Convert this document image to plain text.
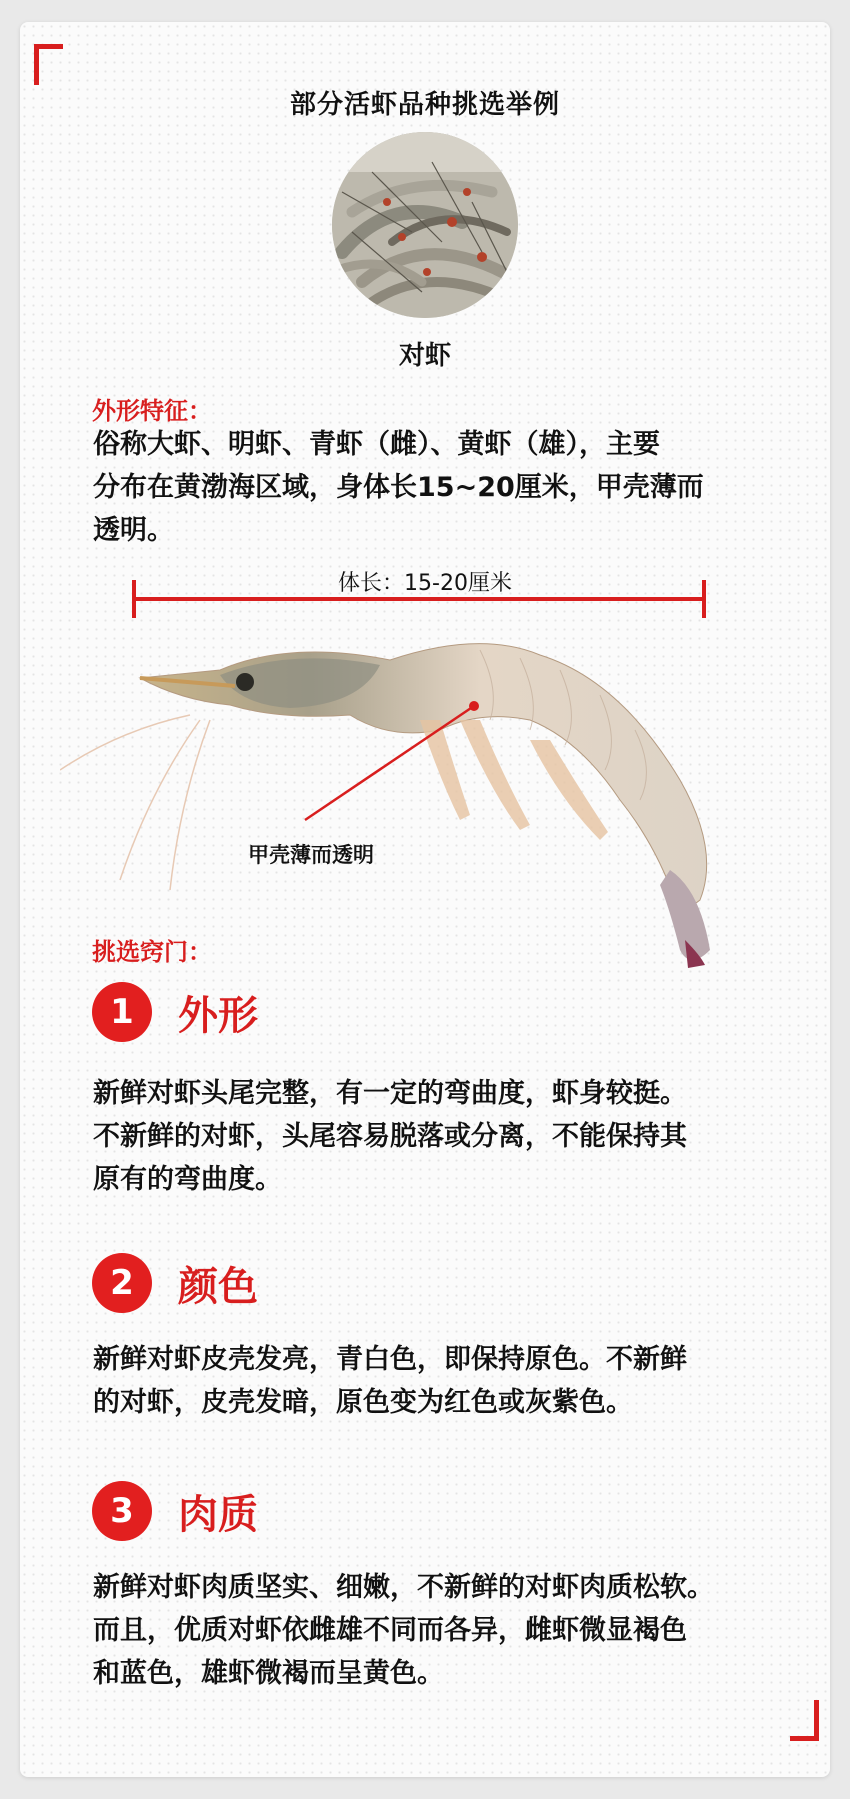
部分活虾品种挑选举例
对虾
外形特征：
俗称大虾、明虾、青虾（雌）、黄虾（雄），主要
分布在黄渤海区域，身体长15~20厘米，甲壳薄而
透明。
体长：15-20厘米
甲壳薄而透明
挑选窍门：
1	外形
新鲜对虾头尾完整，有一定的弯曲度，虾身较挺。
不新鲜的对虾，头尾容易脱落或分离，不能保持其
原有的弯曲度。
2	颜色
新鲜对虾皮壳发亮，青白色，即保持原色。不新鲜
的对虾，皮壳发暗，原色变为红色或灰紫色。
3	肉质
新鲜对虾肉质坚实、细嫩，不新鲜的对虾肉质松软。
而且，优质对虾依雌雄不同而各异，雌虾微显褐色
和蓝色，雄虾微褐而呈黄色。
